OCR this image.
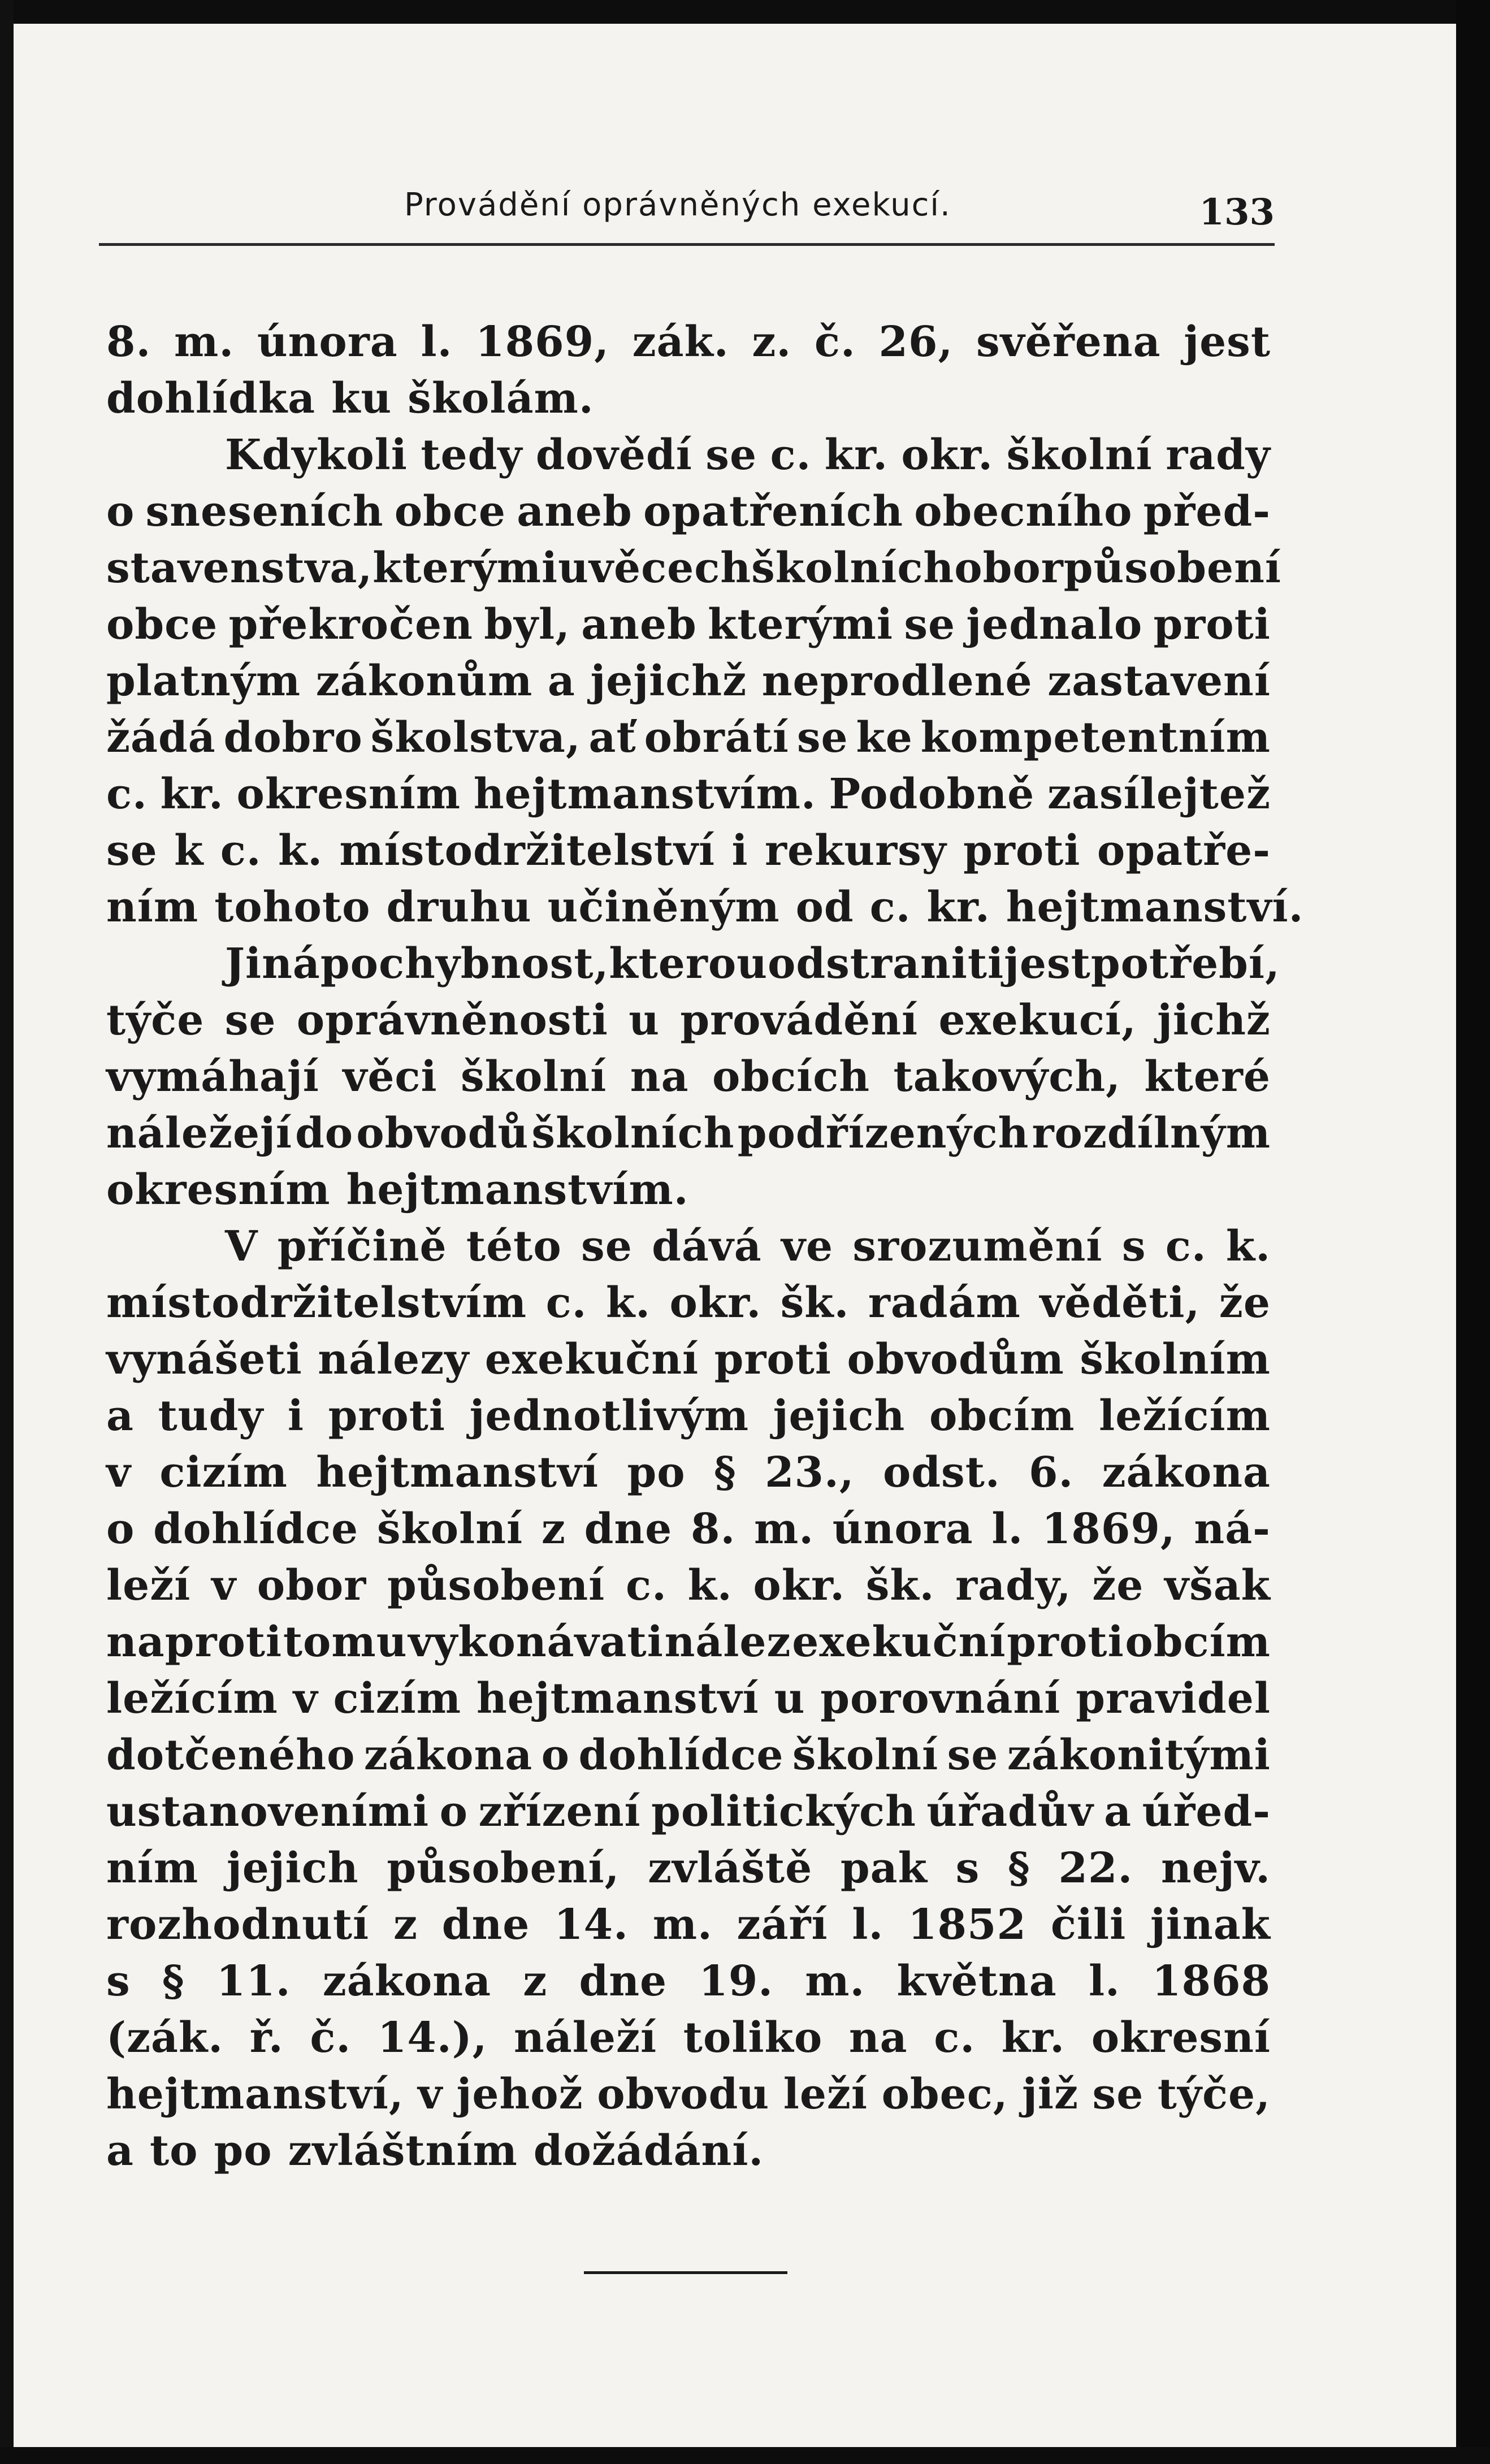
Provádění oprávněných exekucí.	133
8. m. února l. 1869, zák. z. č. 26, svěřena jest
dohlídka ku školám.
Kdykoli tedy dovědí se c. kr. okr. školní rady
o sneseních obce aneb opatřeních obecního před-
stavenstva, kterými u věcech školních obor působení
obce překročen byl, aneb kterými se jednalo proti
platným zákonům a jejichž neprodlené zastavení
žádá dobro školstva, ať obrátí se ke kompetentním
c. kr. okresním hejtmanstvím. Podobně zasílejtež
se k c. k. místodržitelství i rekursy proti opatře-
ním tohoto druhu učiněným od c. kr. hejtmanství.
Jiná pochybnost, kterou odstraniti jest potřebí,
týče se oprávněnosti u provádění exekucí, jichž
vymáhají věci školní na obcích takových, které
náležejí do obvodů školních podřízených rozdílným
okresním hejtmanstvím.
V příčině této se dává ve srozumění s c. k.
místodržitelstvím c. k. okr. šk. radám věděti, že
vynášeti nálezy exekuční proti obvodům školním
a tudy i proti jednotlivým jejich obcím ležícím
v cizím hejtmanství po § 23., odst. 6. zákona
o dohlídce školní z dne 8. m. února l. 1869, ná-
leží v obor působení c. k. okr. šk. rady, že však
naproti tomu vykonávati nález exekuční proti obcím
ležícím v cizím hejtmanství u porovnání pravidel
dotčeného zákona o dohlídce školní se zákonitými
ustanoveními o zřízení politických úřadův a úřed-
ním jejich působení, zvláště pak s § 22. nejv.
rozhodnutí z dne 14. m. září l. 1852 čili jinak
s § 11. zákona z dne 19. m. května l. 1868
(zák. ř. č. 14.), náleží toliko na c. kr. okresní
hejtmanství, v jehož obvodu leží obec, již se týče,
a to po zvláštním dožádání.
